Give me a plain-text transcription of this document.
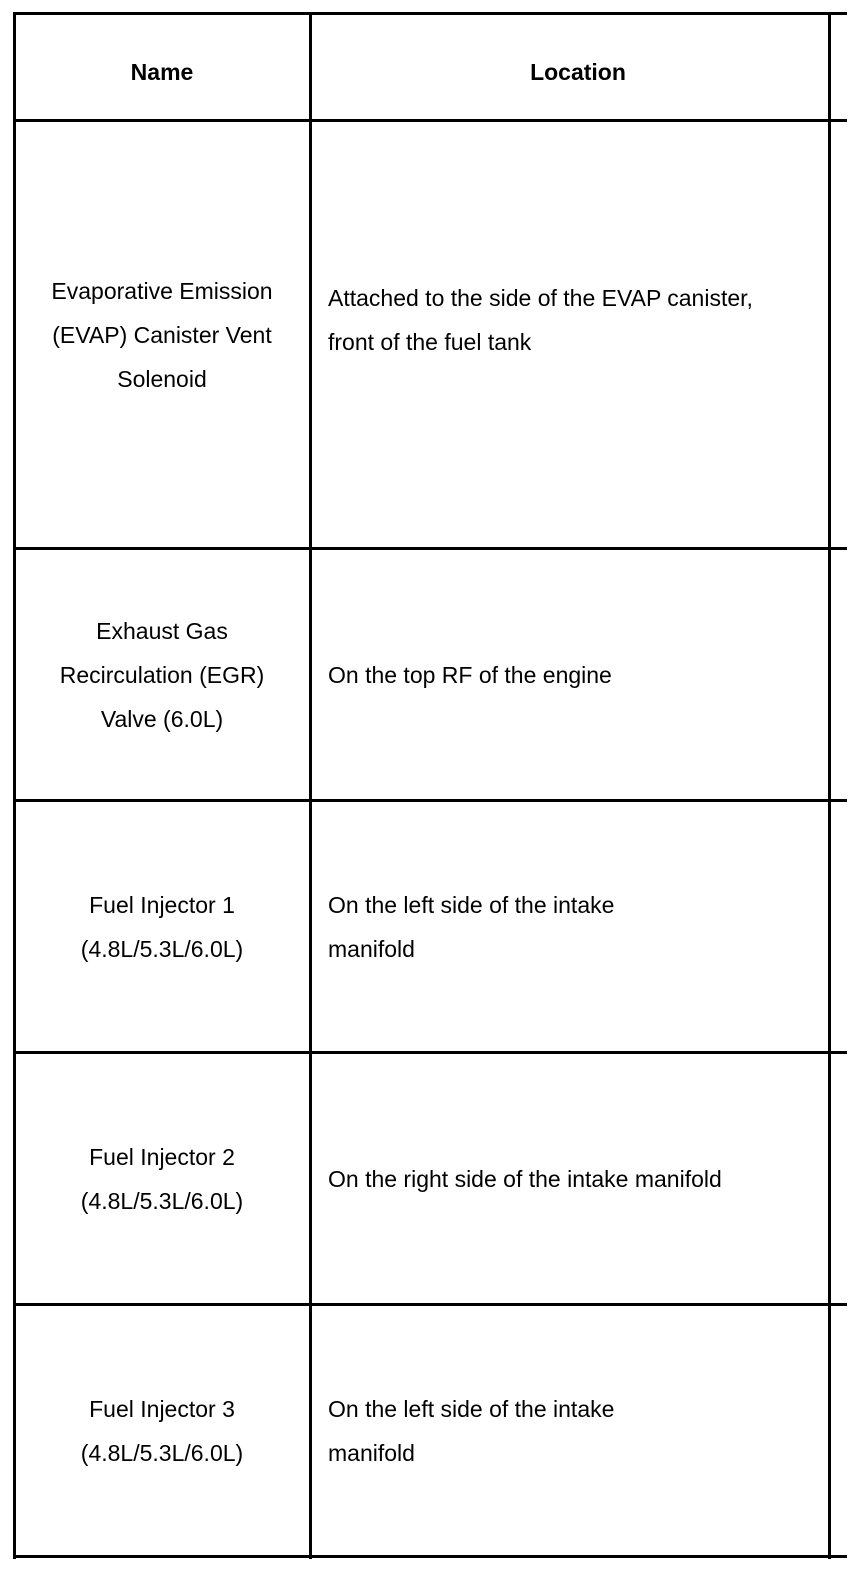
Name	Location
Evaporative Emission (EVAP) Canister Vent Solenoid
Attached to the side of the EVAP canister, front of the fuel tank
Exhaust Gas Recirculation (EGR) Valve (6.0L)
On the top RF of the engine
Fuel Injector 1 (4.8L/5.3L/6.0L)
On the left side of the intake manifold
Fuel Injector 2 (4.8L/5.3L/6.0L)
On the right side of the intake manifold
Fuel Injector 3 (4.8L/5.3L/6.0L)
On the left side of the intake manifold
